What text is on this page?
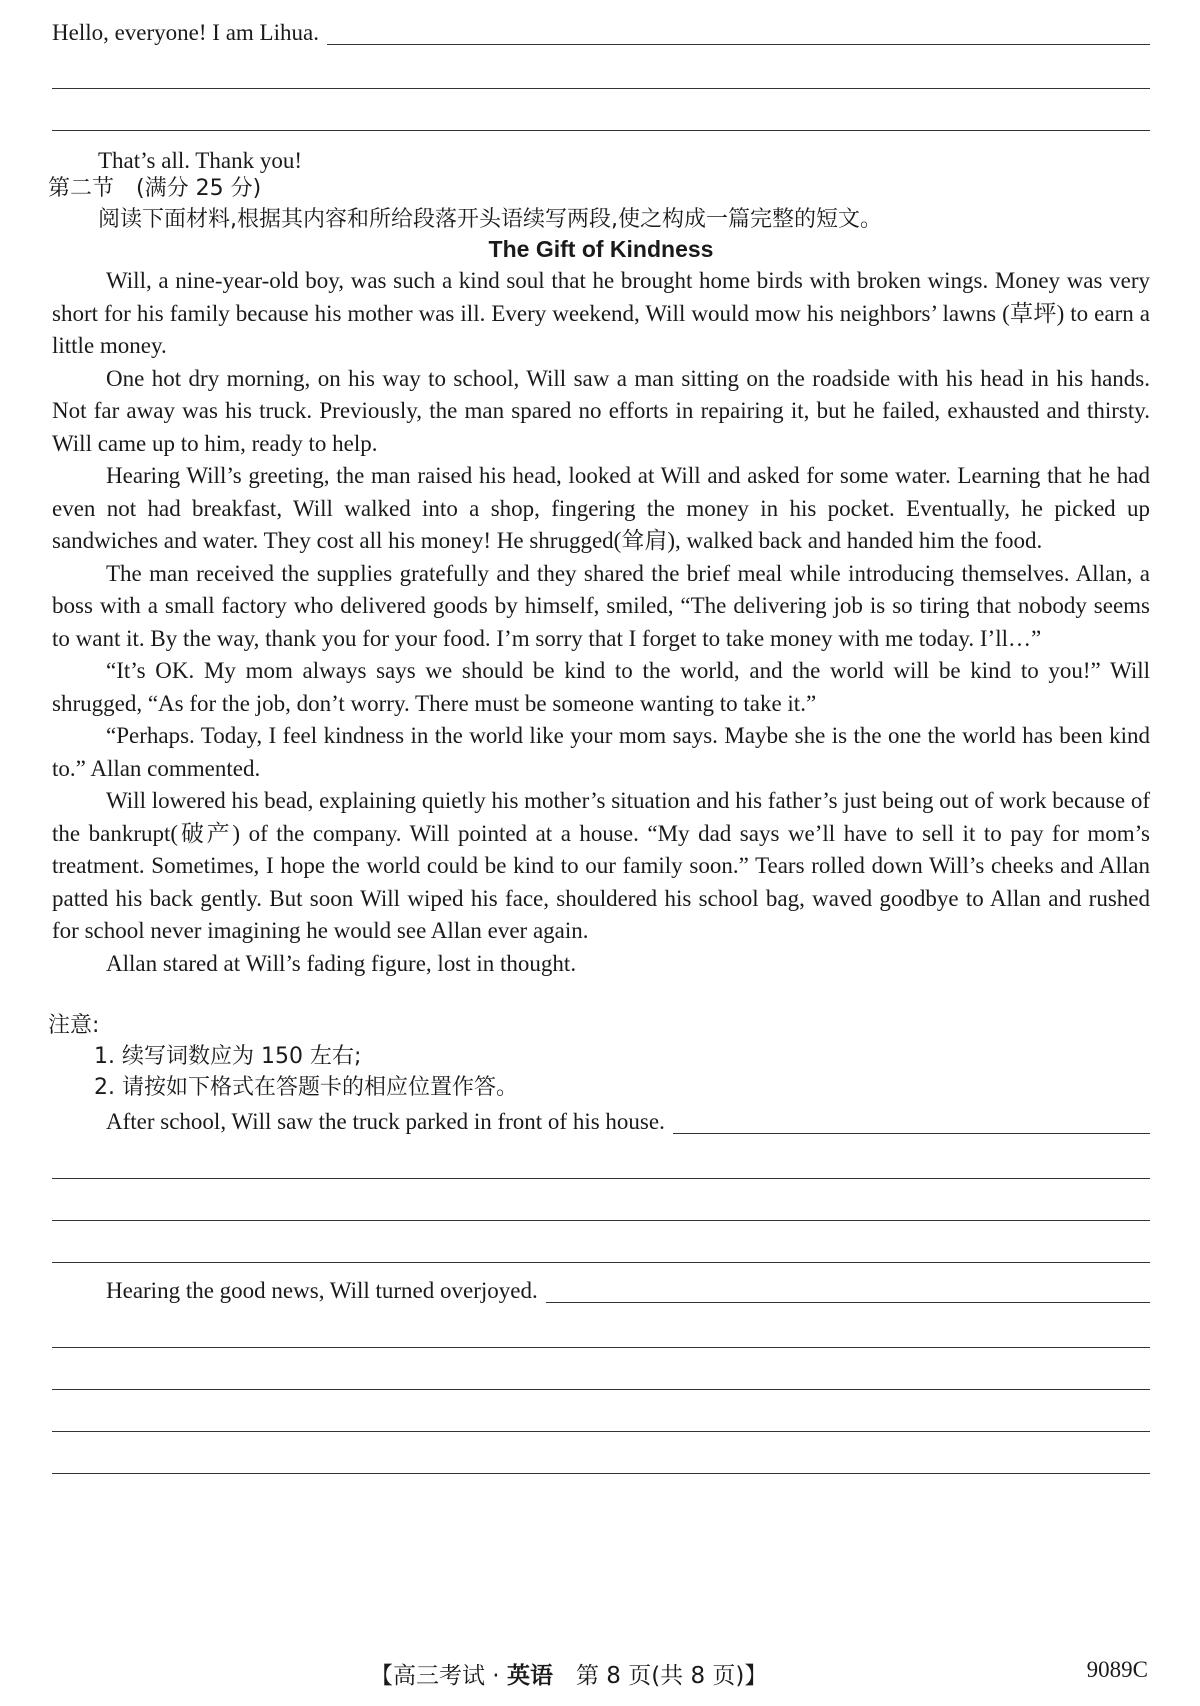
Hello, everyone! I am Lihua.
That’s all. Thank you!
第二节　(满分 25 分)
阅读下面材料,根据其内容和所给段落开头语续写两段,使之构成一篇完整的短文。
The Gift of Kindness
Will, a nine-year-old boy, was such a kind soul that he brought home birds with broken wings. Money was very short for his family because his mother was ill. Every weekend, Will would mow his neighbors’ lawns (草坪) to earn a little money.
One hot dry morning, on his way to school, Will saw a man sitting on the roadside with his head in his hands. Not far away was his truck. Previously, the man spared no efforts in repairing it, but he failed, exhausted and thirsty. Will came up to him, ready to help.
Hearing Will’s greeting, the man raised his head, looked at Will and asked for some water. Learning that he had even not had breakfast, Will walked into a shop, fingering the money in his pocket. Eventually, he picked up sandwiches and water. They cost all his money! He shrugged(耸肩), walked back and handed him the food.
The man received the supplies gratefully and they shared the brief meal while introducing themselves. Allan, a boss with a small factory who delivered goods by himself, smiled, “The delivering job is so tiring that nobody seems to want it. By the way, thank you for your food. I’m sorry that I forget to take money with me today. I’ll…”
“It’s OK. My mom always says we should be kind to the world, and the world will be kind to you!” Will shrugged, “As for the job, don’t worry. There must be someone wanting to take it.”
“Perhaps. Today, I feel kindness in the world like your mom says. Maybe she is the one the world has been kind to.” Allan commented.
Will lowered his bead, explaining quietly his mother’s situation and his father’s just being out of work because of the bankrupt(破产) of the company. Will pointed at a house. “My dad says we’ll have to sell it to pay for mom’s treatment. Sometimes, I hope the world could be kind to our family soon.” Tears rolled down Will’s cheeks and Allan patted his back gently. But soon Will wiped his face, shouldered his school bag, waved goodbye to Allan and rushed for school never imagining he would see Allan ever again.
Allan stared at Will’s fading figure, lost in thought.
注意:
1. 续写词数应为 150 左右;
2. 请按如下格式在答题卡的相应位置作答。
After school, Will saw the truck parked in front of his house.
Hearing the good news, Will turned overjoyed.
【高三考试 · 英语　第 8 页(共 8 页)】	9089C
